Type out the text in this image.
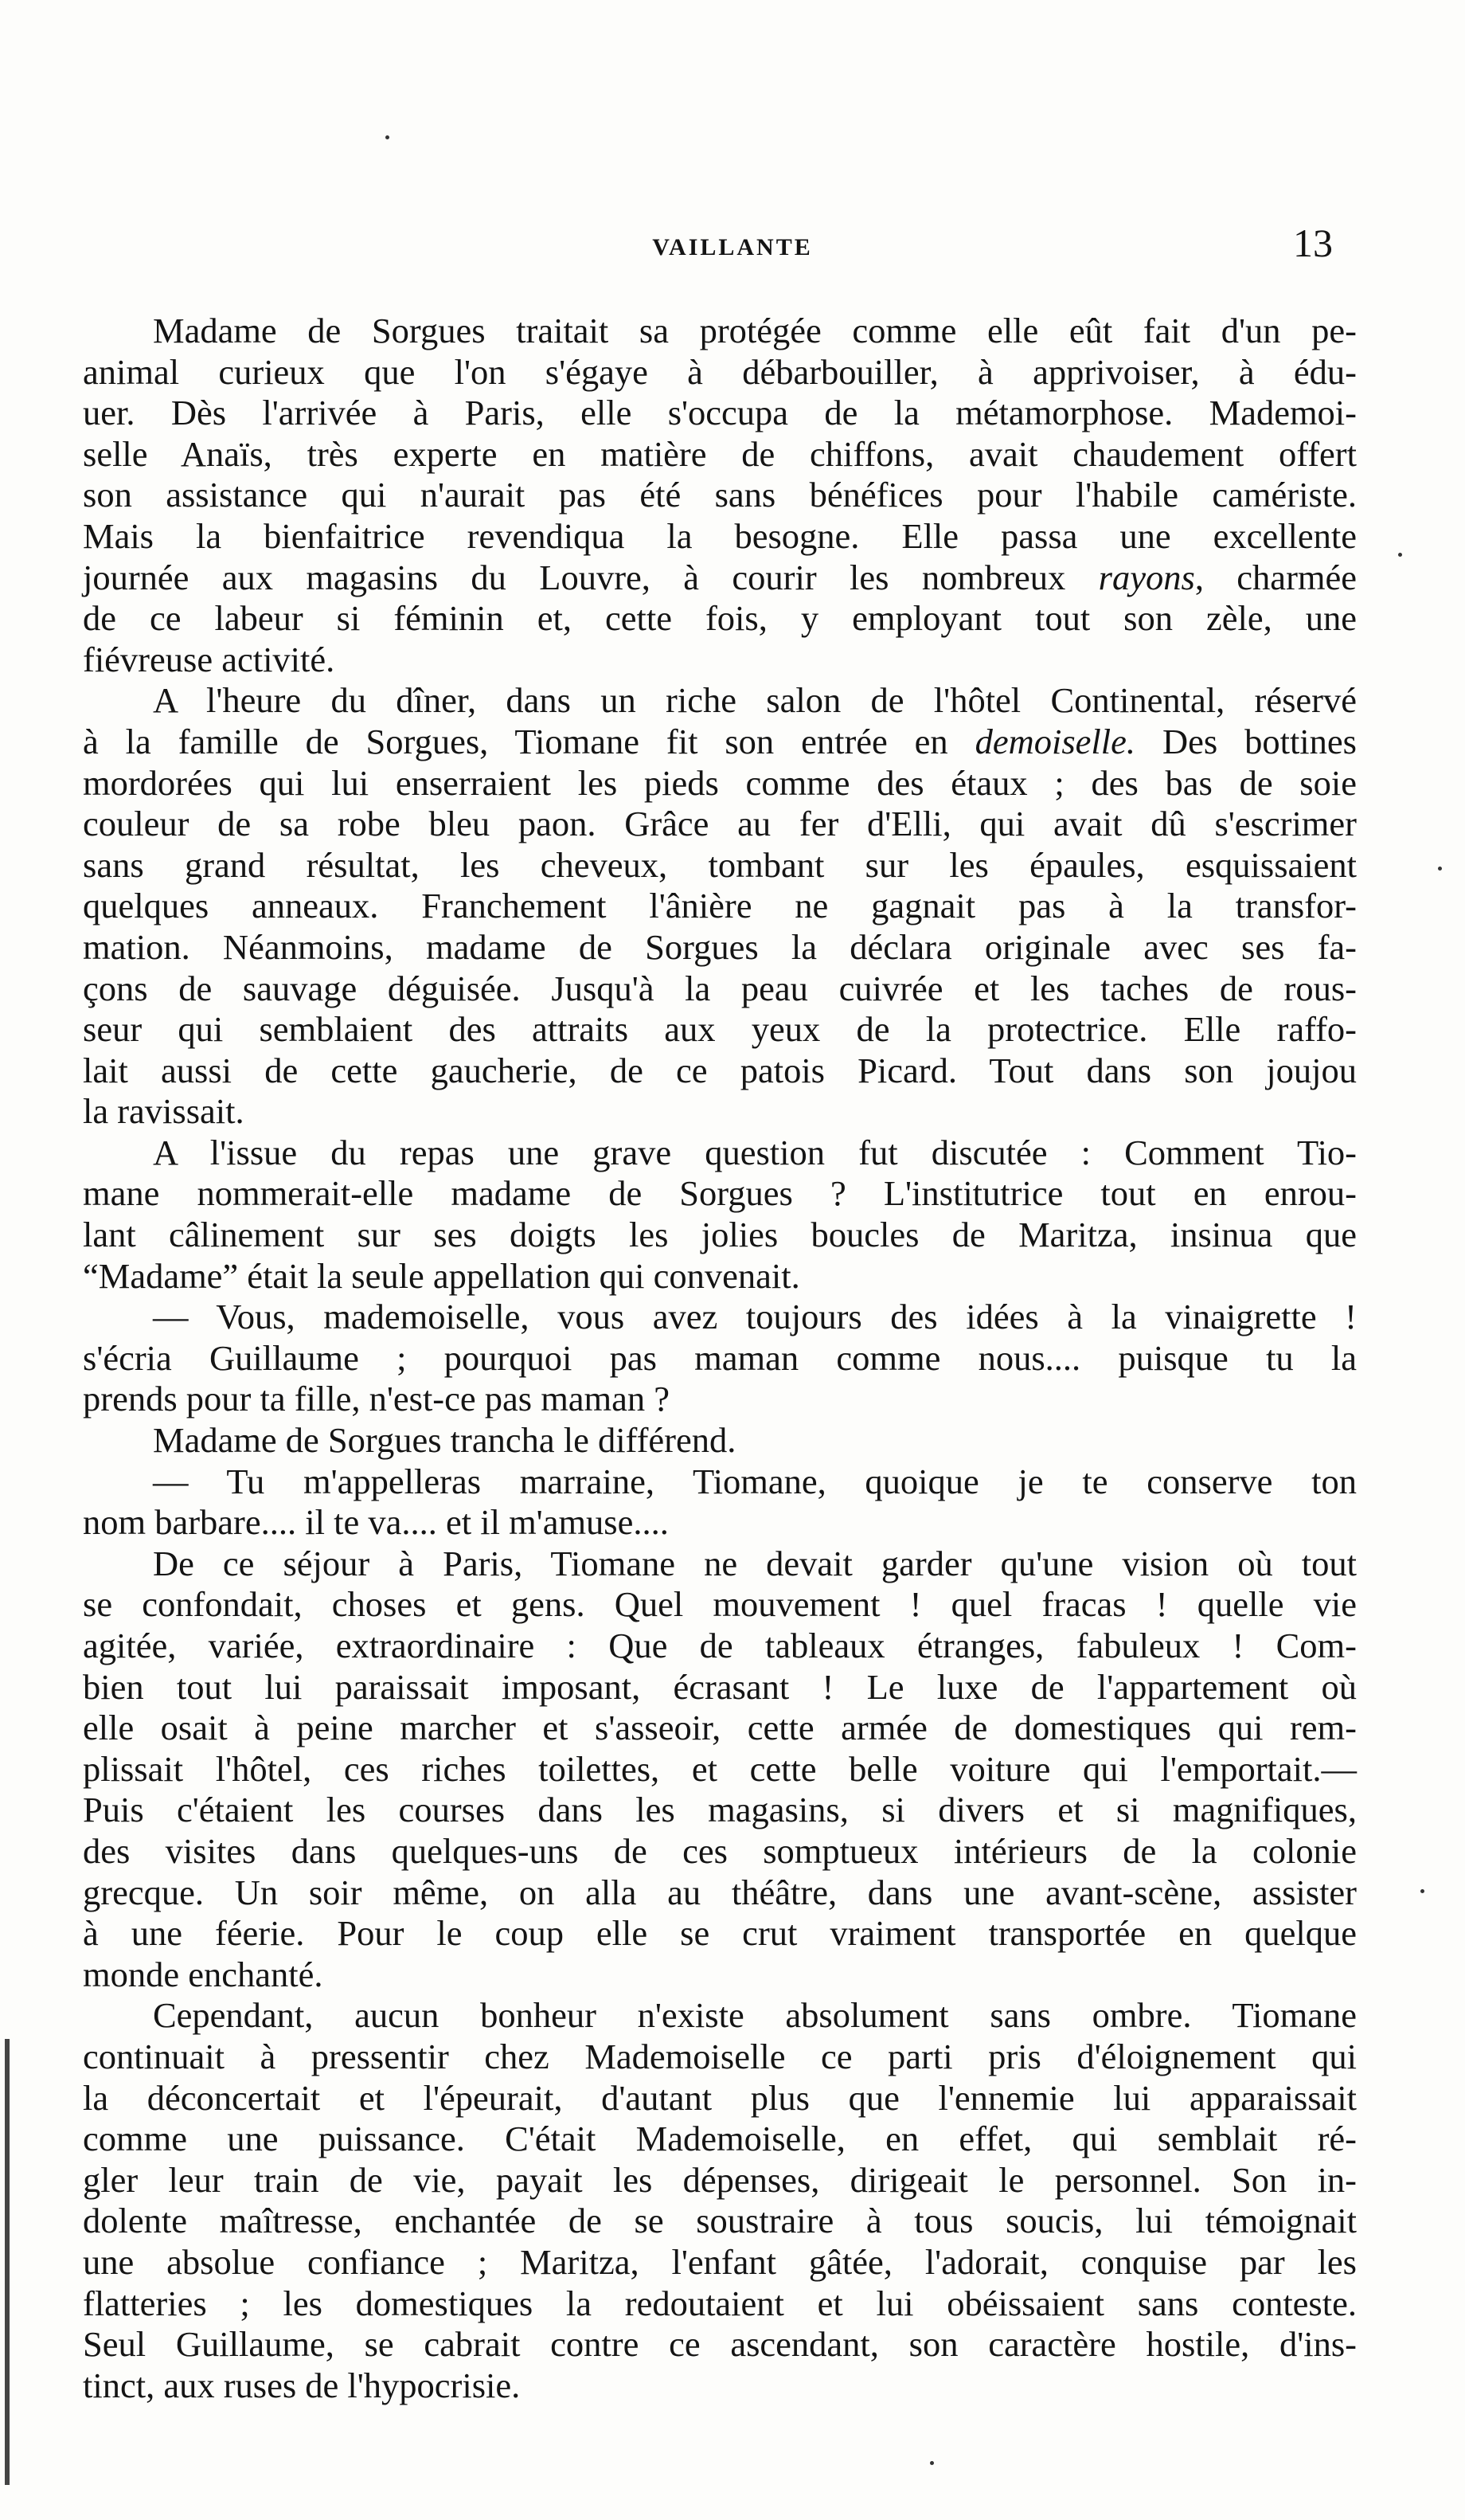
VAILLANTE	13
Madame de Sorgues traitait sa protégée comme elle eût fait d'un pe-
animal curieux que l'on s'égaye à débarbouiller, à apprivoiser, à édu-
uer. Dès l'arrivée à Paris, elle s'occupa de la métamorphose. Mademoi-
selle Anaïs, très experte en matière de chiffons, avait chaudement offert
son assistance qui n'aurait pas été sans bénéfices pour l'habile camériste.
Mais la bienfaitrice revendiqua la besogne. Elle passa une excellente
journée aux magasins du Louvre, à courir les nombreux rayons, charmée
de ce labeur si féminin et, cette fois, y employant tout son zèle, une
fiévreuse activité.
A l'heure du dîner, dans un riche salon de l'hôtel Continental, réservé
à la famille de Sorgues, Tiomane fit son entrée en demoiselle. Des bottines
mordorées qui lui enserraient les pieds comme des étaux ; des bas de soie
couleur de sa robe bleu paon. Grâce au fer d'Elli, qui avait dû s'escrimer
sans grand résultat, les cheveux, tombant sur les épaules, esquissaient
quelques anneaux. Franchement l'ânière ne gagnait pas à la transfor-
mation. Néanmoins, madame de Sorgues la déclara originale avec ses fa-
çons de sauvage déguisée. Jusqu'à la peau cuivrée et les taches de rous-
seur qui semblaient des attraits aux yeux de la protectrice. Elle raffo-
lait aussi de cette gaucherie, de ce patois Picard. Tout dans son joujou
la ravissait.
A l'issue du repas une grave question fut discutée : Comment Tio-
mane nommerait-elle madame de Sorgues ? L'institutrice tout en enrou-
lant câlinement sur ses doigts les jolies boucles de Maritza, insinua que
“Madame” était la seule appellation qui convenait.
— Vous, mademoiselle, vous avez toujours des idées à la vinaigrette !
s'écria Guillaume ; pourquoi pas maman comme nous.... puisque tu la
prends pour ta fille, n'est-ce pas maman ?
Madame de Sorgues trancha le différend.
— Tu m'appelleras marraine, Tiomane, quoique je te conserve ton
nom barbare.... il te va.... et il m'amuse....
De ce séjour à Paris, Tiomane ne devait garder qu'une vision où tout
se confondait, choses et gens. Quel mouvement ! quel fracas ! quelle vie
agitée, variée, extraordinaire : Que de tableaux étranges, fabuleux ! Com-
bien tout lui paraissait imposant, écrasant ! Le luxe de l'appartement où
elle osait à peine marcher et s'asseoir, cette armée de domestiques qui rem-
plissait l'hôtel, ces riches toilettes, et cette belle voiture qui l'emportait.—
Puis c'étaient les courses dans les magasins, si divers et si magnifiques,
des visites dans quelques-uns de ces somptueux intérieurs de la colonie
grecque. Un soir même, on alla au théâtre, dans une avant-scène, assister
à une féerie. Pour le coup elle se crut vraiment transportée en quelque
monde enchanté.
Cependant, aucun bonheur n'existe absolument sans ombre. Tiomane
continuait à pressentir chez Mademoiselle ce parti pris d'éloignement qui
la déconcertait et l'épeurait, d'autant plus que l'ennemie lui apparaissait
comme une puissance. C'était Mademoiselle, en effet, qui semblait ré-
gler leur train de vie, payait les dépenses, dirigeait le personnel. Son in-
dolente maîtresse, enchantée de se soustraire à tous soucis, lui témoignait
une absolue confiance ; Maritza, l'enfant gâtée, l'adorait, conquise par les
flatteries ; les domestiques la redoutaient et lui obéissaient sans conteste.
Seul Guillaume, se cabrait contre ce ascendant, son caractère hostile, d'ins-
tinct, aux ruses de l'hypocrisie.
